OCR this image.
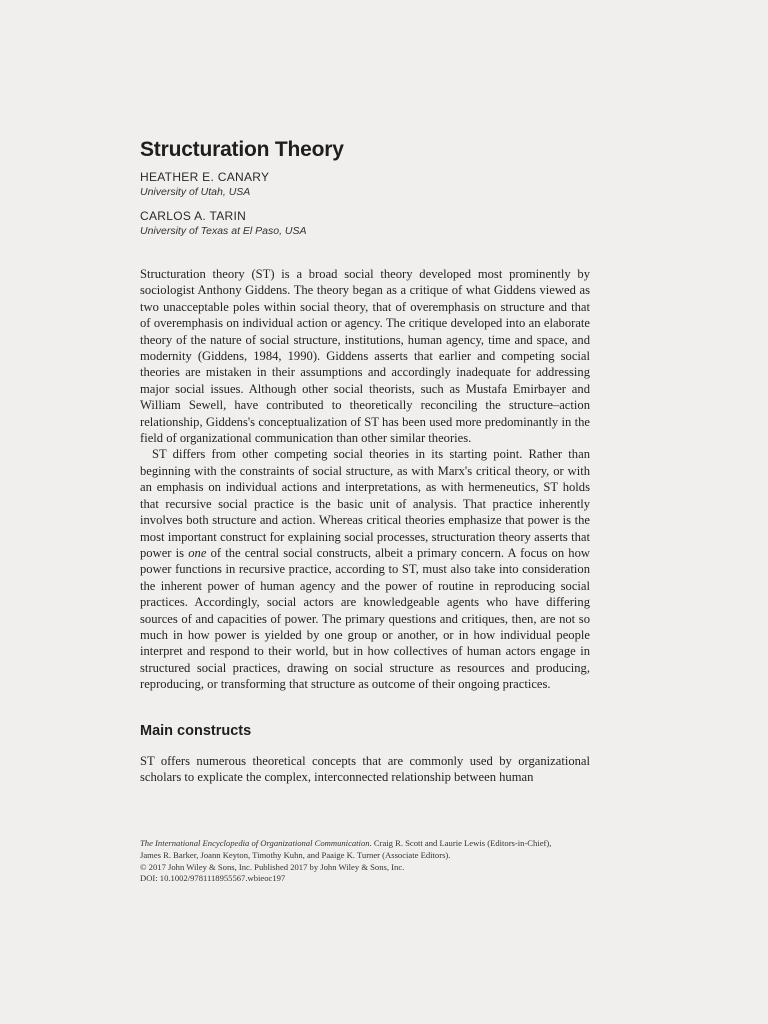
Structuration Theory

HEATHER E. CANARY

University of Utah, USA

CARLOS A. TARIN

University of Texas at El Paso, USA

Structuration theory (ST) is a broad social theory developed most prominently by sociologist Anthony Giddens. The theory began as a critique of what Giddens viewed as two unacceptable poles within social theory, that of overemphasis on structure and that of overemphasis on individual action or agency. The critique developed into an elaborate theory of the nature of social structure, institutions, human agency, time and space, and modernity (Giddens, 1984, 1990). Giddens asserts that earlier and competing social theories are mistaken in their assumptions and accordingly inadequate for addressing major social issues. Although other social theorists, such as Mustafa Emirbayer and William Sewell, have contributed to theoretically reconciling the structure–action relationship, Giddens's conceptualization of ST has been used more predominantly in the field of organizational communication than other similar theories.

ST differs from other competing social theories in its starting point. Rather than beginning with the constraints of social structure, as with Marx's critical theory, or with an emphasis on individual actions and interpretations, as with hermeneutics, ST holds that recursive social practice is the basic unit of analysis. That practice inherently involves both structure and action. Whereas critical theories emphasize that power is the most important construct for explaining social processes, structuration theory asserts that power is one of the central social constructs, albeit a primary concern. A focus on how power functions in recursive practice, according to ST, must also take into consideration the inherent power of human agency and the power of routine in reproducing social practices. Accordingly, social actors are knowledgeable agents who have differing sources of and capacities of power. The primary questions and critiques, then, are not so much in how power is yielded by one group or another, or in how individual people interpret and respond to their world, but in how collectives of human actors engage in structured social practices, drawing on social structure as resources and producing, reproducing, or transforming that structure as outcome of their ongoing practices.

Main constructs

ST offers numerous theoretical concepts that are commonly used by organizational scholars to explicate the complex, interconnected relationship between human

The International Encyclopedia of Organizational Communication. Craig R. Scott and Laurie Lewis (Editors-in-Chief),

James R. Barker, Joann Keyton, Timothy Kuhn, and Paaige K. Turner (Associate Editors).

© 2017 John Wiley & Sons, Inc. Published 2017 by John Wiley & Sons, Inc.

DOI: 10.1002/9781118955567.wbieoc197
